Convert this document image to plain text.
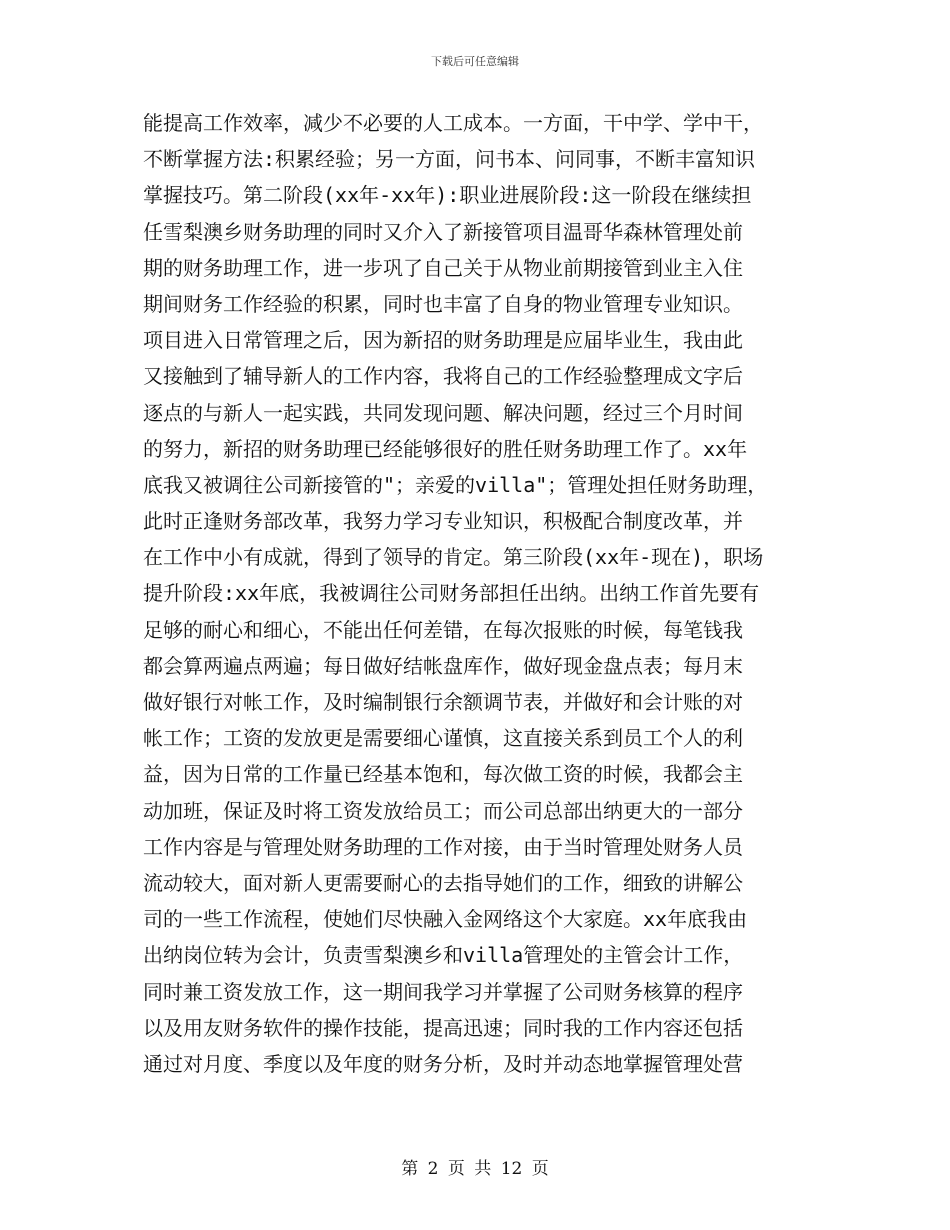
下载后可任意编辑
能提高工作效率，减少不必要的人工成本。一方面，干中学、学中干，
不断掌握方法:积累经验；另一方面，问书本、问同事，不断丰富知识
掌握技巧。第二阶段(xx年-xx年):职业进展阶段:这一阶段在继续担
任雪梨澳乡财务助理的同时又介入了新接管项目温哥华森林管理处前
期的财务助理工作，进一步巩了自己关于从物业前期接管到业主入住
期间财务工作经验的积累，同时也丰富了自身的物业管理专业知识。
项目进入日常管理之后，因为新招的财务助理是应届毕业生，我由此
又接触到了辅导新人的工作内容，我将自己的工作经验整理成文字后
逐点的与新人一起实践，共同发现问题、解决问题，经过三个月时间
的努力，新招的财务助理已经能够很好的胜任财务助理工作了。xx年
底我又被调往公司新接管的"；亲爱的villa"；管理处担任财务助理，
此时正逢财务部改革，我努力学习专业知识，积极配合制度改革，并
在工作中小有成就，得到了领导的肯定。第三阶段(xx年-现在)，职场
提升阶段:xx年底，我被调往公司财务部担任出纳。出纳工作首先要有
足够的耐心和细心，不能出任何差错，在每次报账的时候，每笔钱我
都会算两遍点两遍；每日做好结帐盘库作，做好现金盘点表；每月末
做好银行对帐工作，及时编制银行余额调节表，并做好和会计账的对
帐工作；工资的发放更是需要细心谨慎，这直接关系到员工个人的利
益，因为日常的工作量已经基本饱和，每次做工资的时候，我都会主
动加班，保证及时将工资发放给员工；而公司总部出纳更大的一部分
工作内容是与管理处财务助理的工作对接，由于当时管理处财务人员
流动较大，面对新人更需要耐心的去指导她们的工作，细致的讲解公
司的一些工作流程，使她们尽快融入金网络这个大家庭。xx年底我由
出纳岗位转为会计，负责雪梨澳乡和villa管理处的主管会计工作，
同时兼工资发放工作，这一期间我学习并掌握了公司财务核算的程序
以及用友财务软件的操作技能，提高迅速；同时我的工作内容还包括
通过对月度、季度以及年度的财务分析，及时并动态地掌握管理处营
第 2 页 共 12 页
